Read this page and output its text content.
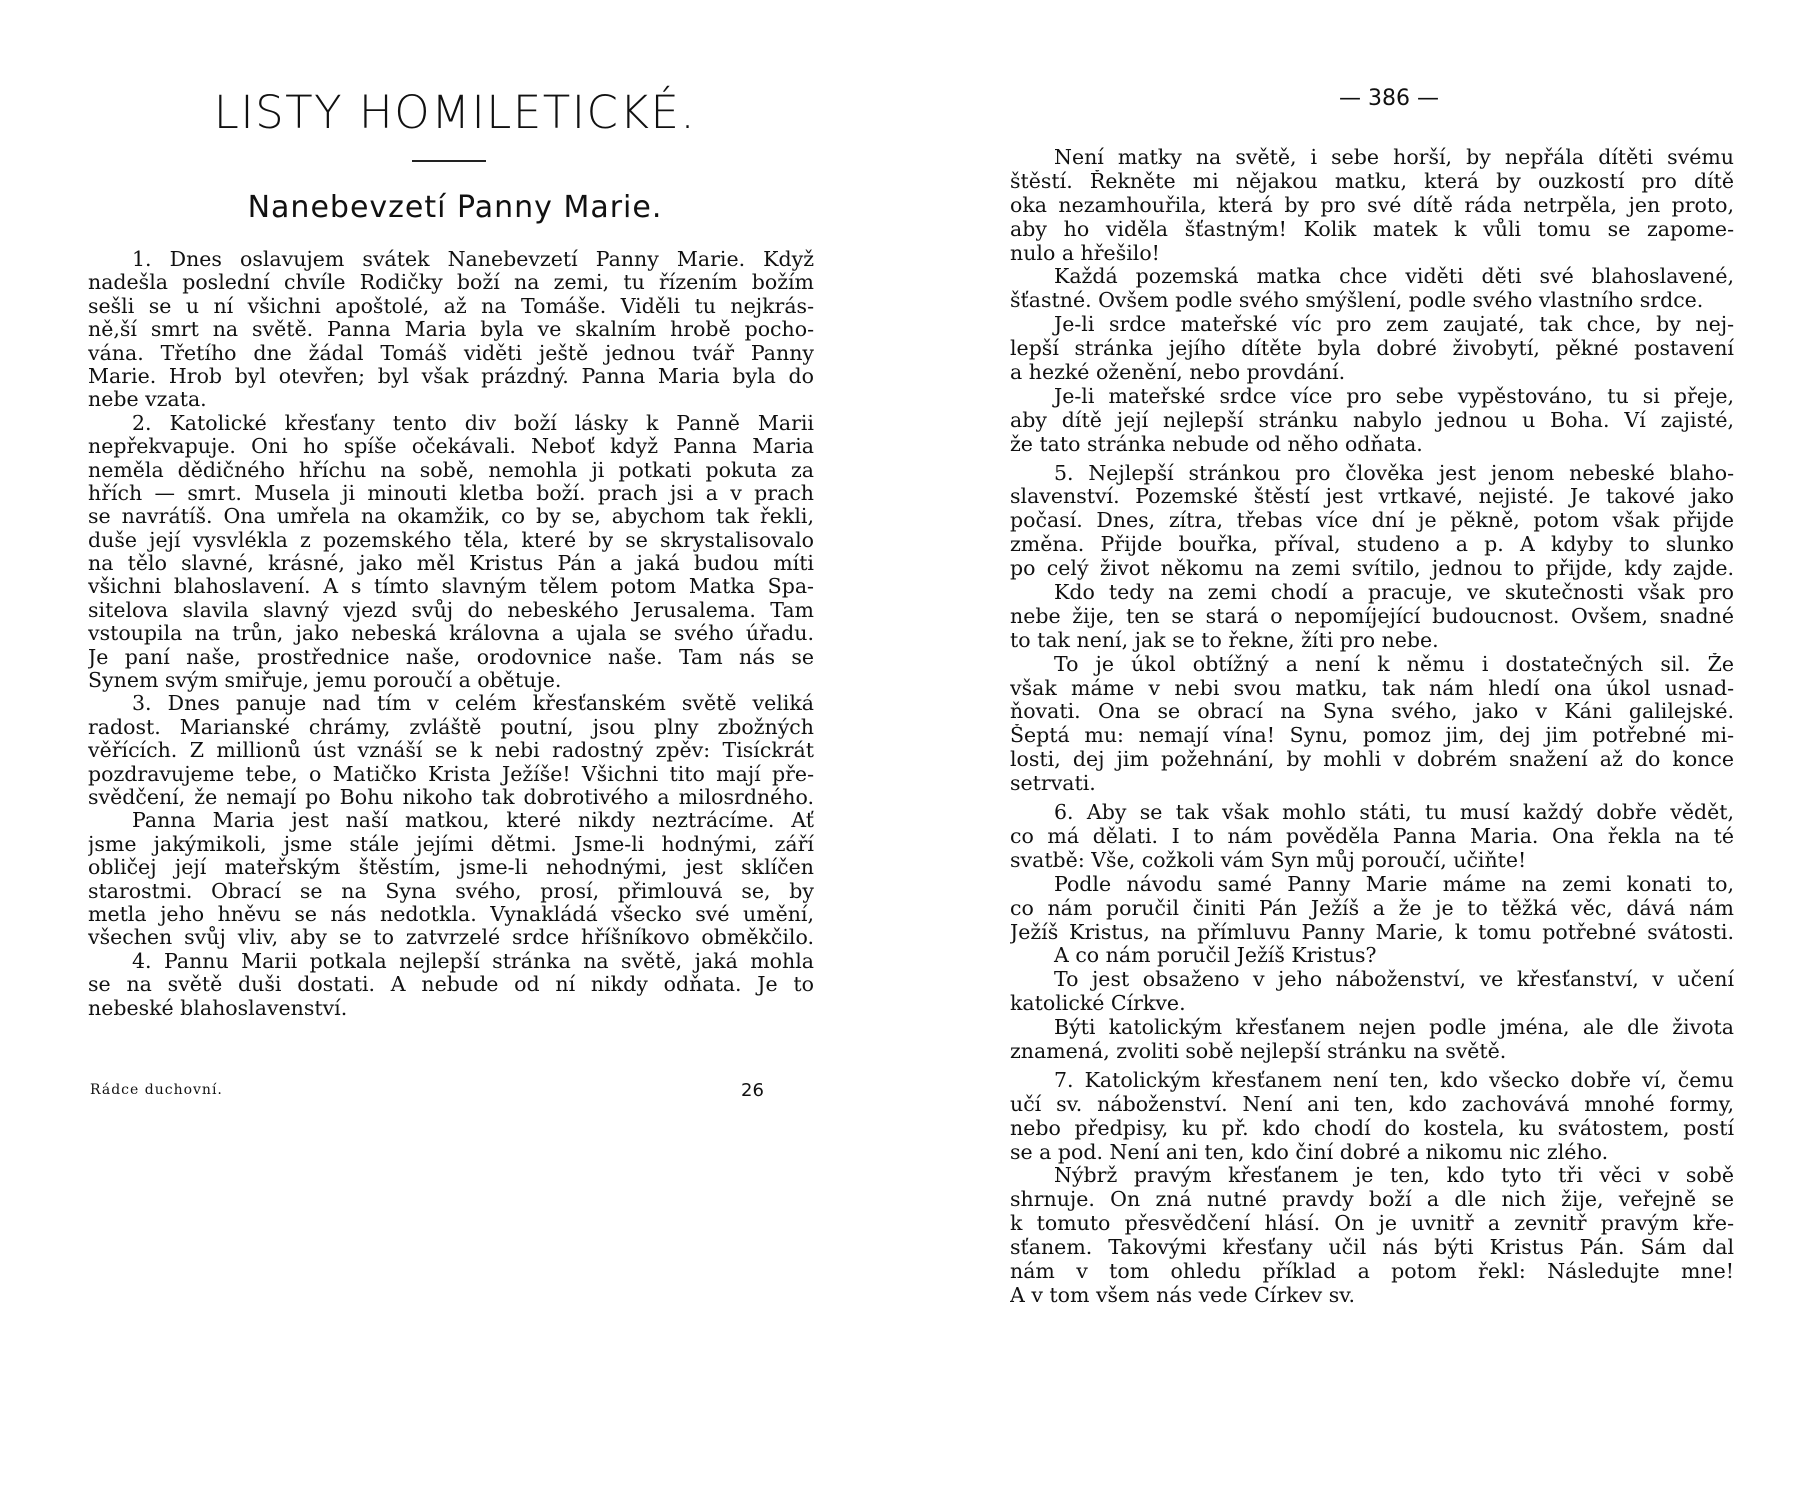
LISTY HOMILETICKÉ.
Nanebevzetí Panny Marie.
1. Dnes oslavujem svátek Nanebevzetí Panny Marie. Když
nadešla poslední chvíle Rodičky boží na zemi, tu řízením božím
sešli se u ní všichni apoštolé, až na Tomáše. Viděli tu nejkrás-
ně,ší smrt na světě. Panna Maria byla ve skalním hrobě pocho-
vána. Třetího dne žádal Tomáš viděti ještě jednou tvář Panny
Marie. Hrob byl otevřen; byl však prázdný. Panna Maria byla do
nebe vzata.
2. Katolické křesťany tento div boží lásky k Panně Marii
nepřekvapuje. Oni ho spíše očekávali. Neboť když Panna Maria
neměla dědičného hříchu na sobě, nemohla ji potkati pokuta za
hřích — smrt. Musela ji minouti kletba boží. prach jsi a v prach
se navrátíš. Ona umřela na okamžik, co by se, abychom tak řekli,
duše její vysvlékla z pozemského těla, které by se skrystalisovalo
na tělo slavné, krásné, jako měl Kristus Pán a jaká budou míti
všichni blahoslavení. A s tímto slavným tělem potom Matka Spa-
sitelova slavila slavný vjezd svůj do nebeského Jerusalema. Tam
vstoupila na trůn, jako nebeská královna a ujala se svého úřadu.
Je paní naše, prostřednice naše, orodovnice naše. Tam nás se
Synem svým smiřuje, jemu poroučí a obětuje.
3. Dnes panuje nad tím v celém křesťanském světě veliká
radost. Marianské chrámy, zvláště poutní, jsou plny zbožných
věřících. Z millionů úst vznáší se k nebi radostný zpěv: Tisíckrát
pozdravujeme tebe, o Matičko Krista Ježíše! Všichni tito mají pře-
svědčení, že nemají po Bohu nikoho tak dobrotivého a milosrdného.
Panna Maria jest naší matkou, které nikdy neztrácíme. Ať
jsme jakýmikoli, jsme stále jejími dětmi. Jsme-li hodnými, září
obličej její mateřským štěstím, jsme-li nehodnými, jest sklíčen
starostmi. Obrací se na Syna svého, prosí, přimlouvá se, by
metla jeho hněvu se nás nedotkla. Vynakládá všecko své umění,
všechen svůj vliv, aby se to zatvrzelé srdce hříšníkovo obměkčilo.
4. Pannu Marii potkala nejlepší stránka na světě, jaká mohla
se na světě duši dostati. A nebude od ní nikdy odňata. Je to
nebeské blahoslavenství.
Rádce duchovní.	26
— 386 —
Není matky na světě, i sebe horší, by nepřála dítěti svému
štěstí. Řekněte mi nějakou matku, která by ouzkostí pro dítě
oka nezamhouřila, která by pro své dítě ráda netrpěla, jen proto,
aby ho viděla šťastným! Kolik matek k vůli tomu se zapome-
nulo a hřešilo!
Každá pozemská matka chce viděti děti své blahoslavené,
šťastné. Ovšem podle svého smýšlení, podle svého vlastního srdce.
Je-li srdce mateřské víc pro zem zaujaté, tak chce, by nej-
lepší stránka jejího dítěte byla dobré živobytí, pěkné postavení
a hezké oženění, nebo provdání.
Je-li mateřské srdce více pro sebe vypěstováno, tu si přeje,
aby dítě její nejlepší stránku nabylo jednou u Boha. Ví zajisté,
že tato stránka nebude od něho odňata.
5. Nejlepší stránkou pro člověka jest jenom nebeské blaho-
slavenství. Pozemské štěstí jest vrtkavé, nejisté. Je takové jako
počasí. Dnes, zítra, třebas více dní je pěkně, potom však přijde
změna. Přijde bouřka, příval, studeno a p. A kdyby to slunko
po celý život někomu na zemi svítilo, jednou to přijde, kdy zajde.
Kdo tedy na zemi chodí a pracuje, ve skutečnosti však pro
nebe žije, ten se stará o nepomíjející budoucnost. Ovšem, snadné
to tak není, jak se to řekne, žíti pro nebe.
To je úkol obtížný a není k němu i dostatečných sil. Že
však máme v nebi svou matku, tak nám hledí ona úkol usnad-
ňovati. Ona se obrací na Syna svého, jako v Káni galilejské.
Šeptá mu: nemají vína! Synu, pomoz jim, dej jim potřebné mi-
losti, dej jim požehnání, by mohli v dobrém snažení až do konce
setrvati.
6. Aby se tak však mohlo státi, tu musí každý dobře vědět,
co má dělati. I to nám pověděla Panna Maria. Ona řekla na té
svatbě: Vše, cožkoli vám Syn můj poroučí, učiňte!
Podle návodu samé Panny Marie máme na zemi konati to,
co nám poručil činiti Pán Ježíš a že je to těžká věc, dává nám
Ježíš Kristus, na přímluvu Panny Marie, k tomu potřebné svátosti.
A co nám poručil Ježíš Kristus?
To jest obsaženo v jeho náboženství, ve křesťanství, v učení
katolické Církve.
Býti katolickým křesťanem nejen podle jména, ale dle života
znamená, zvoliti sobě nejlepší stránku na světě.
7. Katolickým křesťanem není ten, kdo všecko dobře ví, čemu
učí sv. náboženství. Není ani ten, kdo zachovává mnohé formy,
nebo předpisy, ku př. kdo chodí do kostela, ku svátostem, postí
se a pod. Není ani ten, kdo činí dobré a nikomu nic zlého.
Nýbrž pravým křesťanem je ten, kdo tyto tři věci v sobě
shrnuje. On zná nutné pravdy boží a dle nich žije, veřejně se
k tomuto přesvědčení hlásí. On je uvnitř a zevnitř pravým kře-
sťanem. Takovými křesťany učil nás býti Kristus Pán. Sám dal
nám v tom ohledu příklad a potom řekl: Následujte mne!
A v tom všem nás vede Církev sv.
